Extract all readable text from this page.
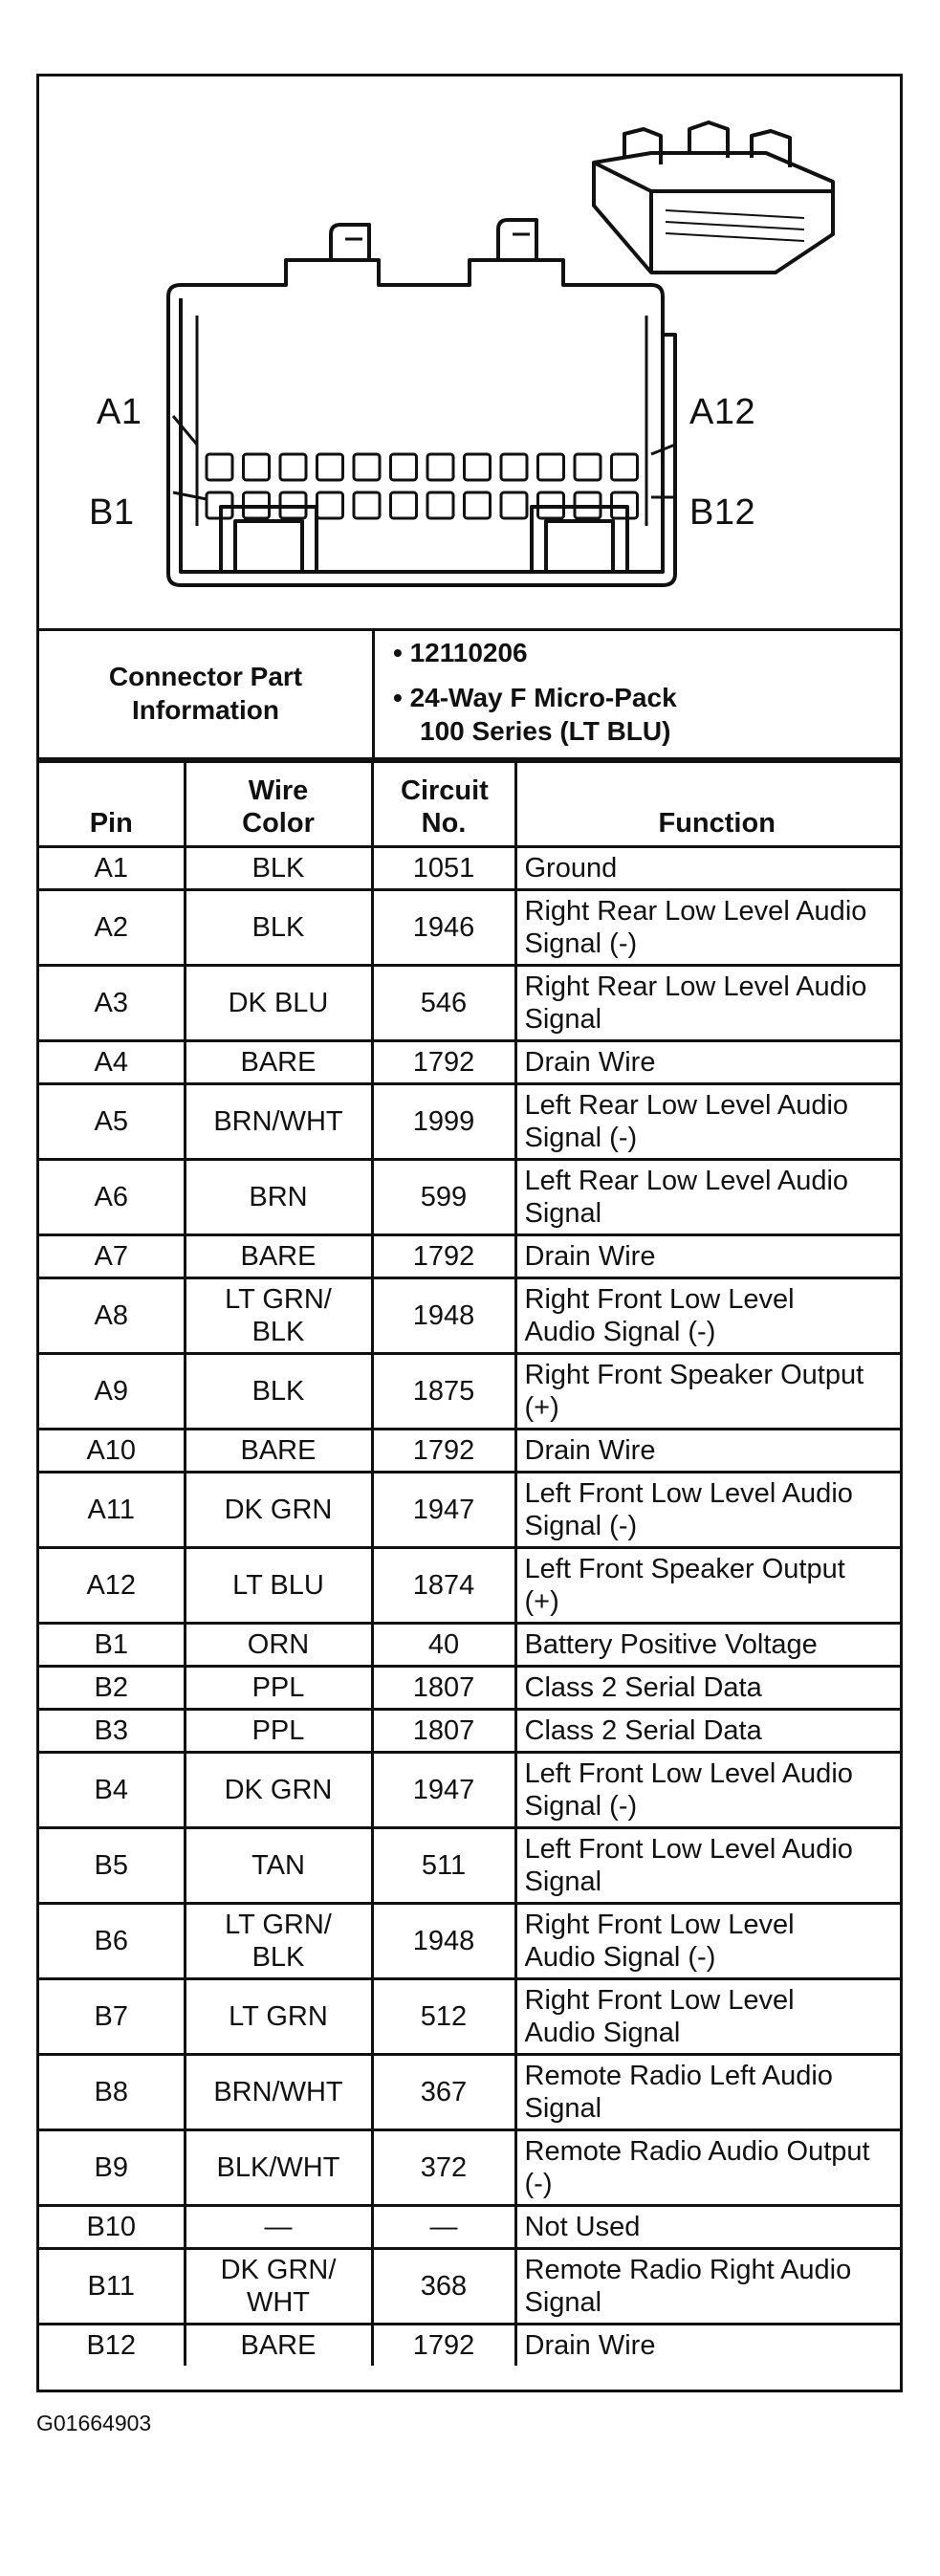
A1	A12
B1	B12
Connector Part
Information
• 12110206
• 24-Way F Micro-Pack
100 Series (LT BLU)
Pin	Wire Color	Circuit No.	Function
A1	BLK	1051	Ground
A2	BLK	1946	Right Rear Low Level Audio Signal (-)
A3	DK BLU	546	Right Rear Low Level Audio Signal
A4	BARE	1792	Drain Wire
A5	BRN/WHT	1999	Left Rear Low Level Audio Signal (-)
A6	BRN	599	Left Rear Low Level Audio Signal
A7	BARE	1792	Drain Wire
A8	LT GRN/ BLK	1948	Right Front Low Level Audio Signal (-)
A9	BLK	1875	Right Front Speaker Output (+)
A10	BARE	1792	Drain Wire
A11	DK GRN	1947	Left Front Low Level Audio Signal (-)
A12	LT BLU	1874	Left Front Speaker Output (+)
B1	ORN	40	Battery Positive Voltage
B2	PPL	1807	Class 2 Serial Data
B3	PPL	1807	Class 2 Serial Data
B4	DK GRN	1947	Left Front Low Level Audio Signal (-)
B5	TAN	511	Left Front Low Level Audio Signal
B6	LT GRN/ BLK	1948	Right Front Low Level Audio Signal (-)
B7	LT GRN	512	Right Front Low Level Audio Signal
B8	BRN/WHT	367	Remote Radio Left Audio Signal
B9	BLK/WHT	372	Remote Radio Audio Output (-)
B10	—	—	Not Used
B11	DK GRN/ WHT	368	Remote Radio Right Audio Signal
B12	BARE	1792	Drain Wire
G01664903
